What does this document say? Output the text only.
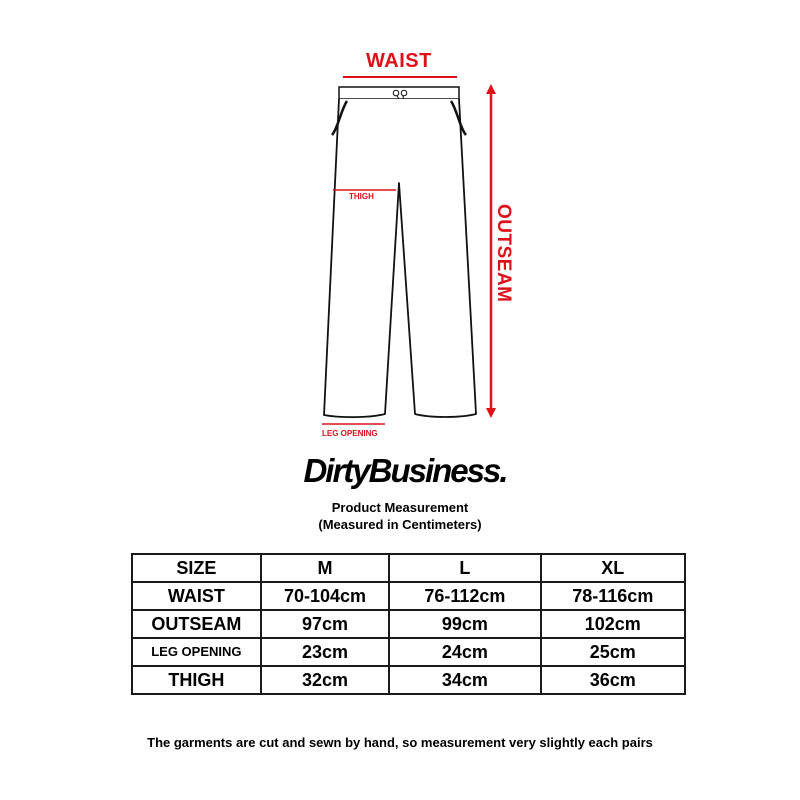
WAIST
THIGH
LEG OPENING
OUTSEAM
DirtyBusiness.
Product Measurement
(Measured in Centimeters)
SIZE	M	L	XL
WAIST	70-104cm	76-112cm	78-116cm
OUTSEAM	97cm	99cm	102cm
LEG OPENING	23cm	24cm	25cm
THIGH	32cm	34cm	36cm
The garments are cut and sewn by hand, so measurement very slightly each pairs
